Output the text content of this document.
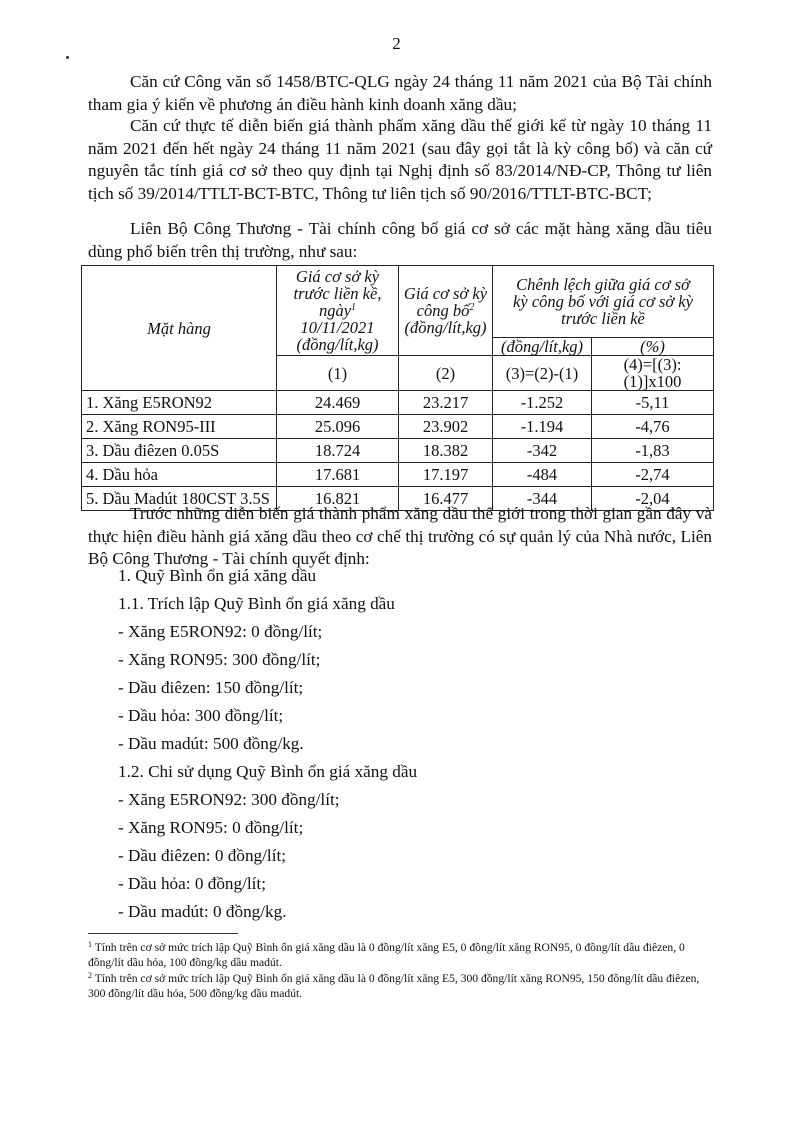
2

Căn cứ Công văn số 1458/BTC-QLG ngày 24 tháng 11 năm 2021 của Bộ Tài chính tham gia ý kiến về phương án điều hành kinh doanh xăng dầu;

Căn cứ thực tế diễn biến giá thành phẩm xăng dầu thế giới kể từ ngày 10 tháng 11 năm 2021 đến hết ngày 24 tháng 11 năm 2021 (sau đây gọi tắt là kỳ công bố) và căn cứ nguyên tắc tính giá cơ sở theo quy định tại Nghị định số 83/2014/NĐ-CP, Thông tư liên tịch số 39/2014/TTLT-BCT-BTC, Thông tư liên tịch số 90/2016/TTLT-BTC-BCT;

Liên Bộ Công Thương - Tài chính công bố giá cơ sở các mặt hàng xăng dầu tiêu dùng phổ biến trên thị trường, như sau:

Mặt hàng	Giá cơ sở kỳ trước liền kề, ngày$^1$
10/11/2021
(đồng/lít,kg)	Giá cơ sở kỳ công bố$^2$
(đồng/lít,kg)	Chênh lệch giữa giá cơ sở kỳ công bố với giá cơ sở kỳ trước liền kề	
			(đồng/lít,kg)	(%)
	(1)	(2)	(3)=(2)-(1)	(4)=[(3):(1)]x100
1. Xăng E5RON92	24.469	23.217	-1.252	-5,11
2. Xăng RON95-III	25.096	23.902	-1.194	-4,76
3. Dầu điêzen 0.05S	18.724	18.382	-342	-1,83
4. Dầu hỏa	17.681	17.197	-484	-2,74
5. Dầu Madút 180CST 3.5S	16.821	16.477	-344	-2,04

Trước những diễn biến giá thành phẩm xăng dầu thế giới trong thời gian gần đây và thực hiện điều hành giá xăng dầu theo cơ chế thị trường có sự quản lý của Nhà nước, Liên Bộ Công Thương - Tài chính quyết định:

1. Quỹ Bình ổn giá xăng dầu
1.1. Trích lập Quỹ Bình ổn giá xăng dầu
- Xăng E5RON92: 0 đồng/lít;
- Xăng RON95: 300 đồng/lít;
- Dầu điêzen: 150 đồng/lít;
- Dầu hỏa: 300 đồng/lít;
- Dầu madút: 500 đồng/kg.
1.2. Chi sử dụng Quỹ Bình ổn giá xăng dầu
- Xăng E5RON92: 300 đồng/lít;
- Xăng RON95: 0 đồng/lít;
- Dầu điêzen: 0 đồng/lít;
- Dầu hỏa: 0 đồng/lít;
- Dầu madút: 0 đồng/kg.

$^1$ Tính trên cơ sở mức trích lập Quỹ Bình ổn giá xăng dầu là 0 đồng/lít xăng E5, 0 đồng/lít xăng RON95, 0 đồng/lít dầu điêzen, 0 đồng/lít dầu hỏa, 100 đồng/kg dầu madút.

$^2$ Tính trên cơ sở mức trích lập Quỹ Bình ổn giá xăng dầu là 0 đồng/lít xăng E5, 300 đồng/lít xăng RON95, 150 đồng/lít dầu điêzen, 300 đồng/lít dầu hỏa, 500 đồng/kg dầu madút.
